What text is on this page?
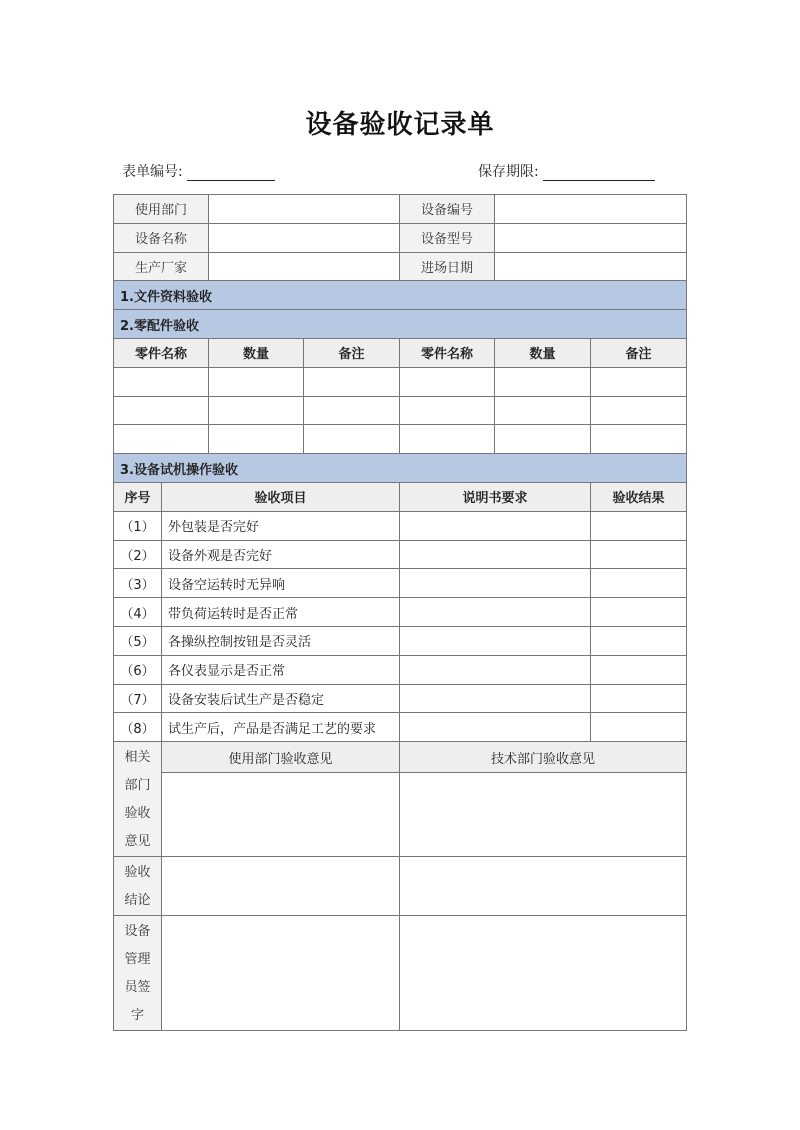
设备验收记录单
表单编号:	保存期限:
使用部门				设备编号		
设备名称				设备型号		
生产厂家				进场日期		
1.文件资料验收						
2.零配件验收						
零件名称		数量	备注	零件名称	数量	备注

3.设备试机操作验收						
序号	验收项目			说明书要求		验收结果
（1）	外包装是否完好					
（2）	设备外观是否完好					
（3）	设备空运转时无异响					
（4）	带负荷运转时是否正常					
（5）	各操纵控制按钮是否灵活					
（6）	各仪表显示是否正常					
（7）	设备安装后试生产是否稳定					
（8）	试生产后，产品是否满足工艺的要求					
相关部门验收意见	使用部门验收意见			技术部门验收意见		

验收结论						
设备管理员签字						
